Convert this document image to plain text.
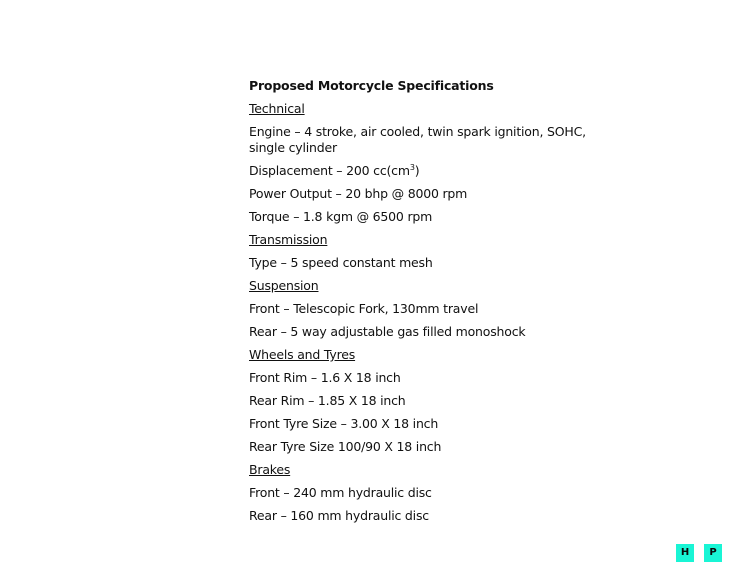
Proposed Motorcycle Specifications
Technical
Engine – 4 stroke, air cooled, twin spark ignition, SOHC, single cylinder
Displacement – 200 $cc(cm^3)$
Power Output – 20 bhp @ 8000 rpm
Torque – 1.8 kgm @ 6500 rpm
Transmission
Type – 5 speed constant mesh
Suspension
Front – Telescopic Fork, 130mm travel
Rear – 5 way adjustable gas filled monoshock
Wheels and Tyres
Front Rim – 1.6 X 18 inch
Rear Rim – 1.85 X 18 inch
Front Tyre Size – 3.00 X 18 inch
Rear Tyre Size 100/90 X 18 inch
Brakes
Front – 240 mm hydraulic disc
Rear – 160 mm hydraulic disc
H	P
